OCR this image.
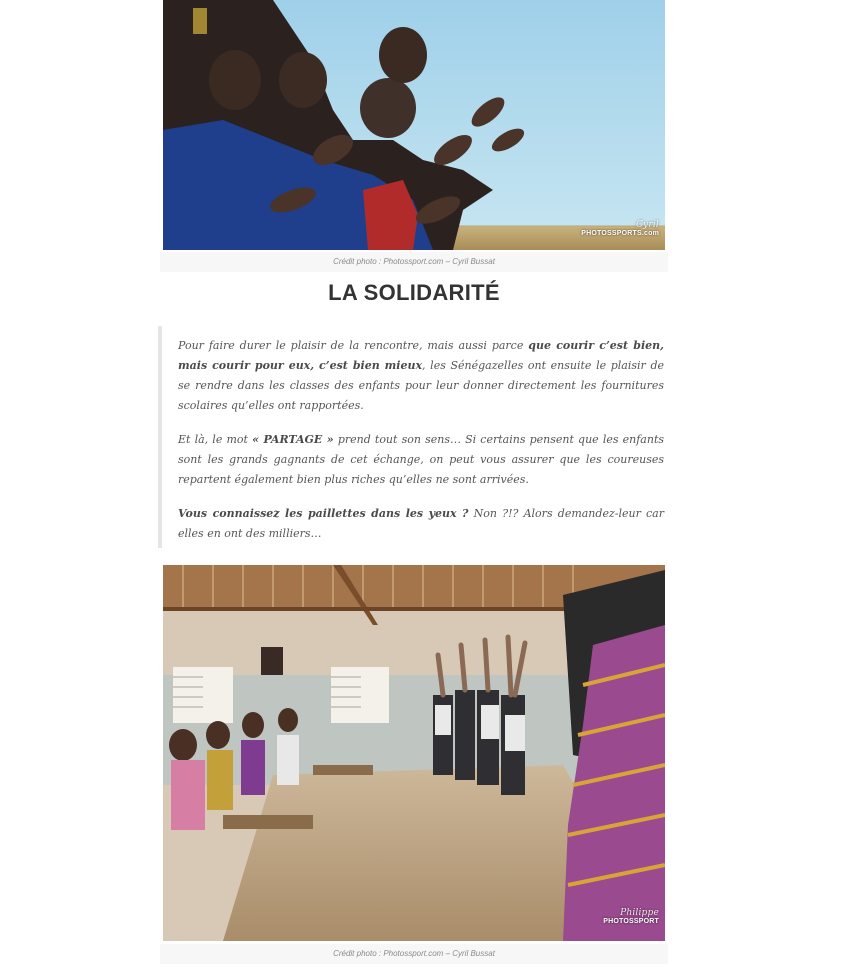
Cyril
PHOTOSSPORTS.com
Crédit photo : Photossport.com – Cyril Bussat
LA SOLIDARITÉ

Pour faire durer le plaisir de la rencontre, mais aussi parce que courir c’est bien, mais courir pour eux, c’est bien mieux, les Sénégazelles ont ensuite le plaisir de se rendre dans les classes des enfants pour leur donner directement les fournitures scolaires qu’elles ont rapportées.

Et là, le mot « PARTAGE » prend tout son sens… Si certains pensent que les enfants sont les grands gagnants de cet échange, on peut vous assurer que les coureuses repartent également bien plus riches qu’elles ne sont arrivées.

Vous connaissez les paillettes dans les yeux ? Non ?!? Alors demandez-leur car elles en ont des milliers…

Philippe
PHOTOSSPORT
Crédit photo : Photossport.com – Cyril Bussat
